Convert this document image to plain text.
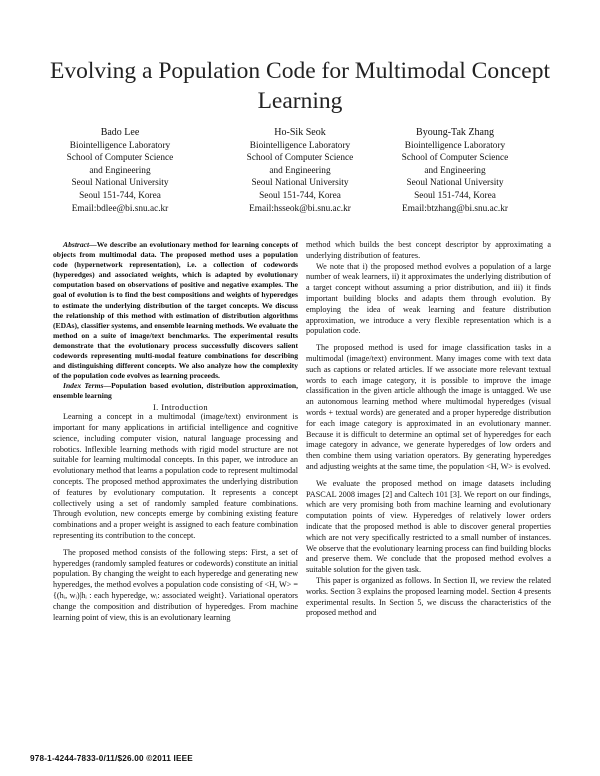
Evolving a Population Code for Multimodal Concept Learning
Bado Lee
Biointelligence Laboratory
School of Computer Science
and Engineering
Seoul National University
Seoul 151-744, Korea
Email:bdlee@bi.snu.ac.kr
Ho-Sik Seok
Biointelligence Laboratory
School of Computer Science
and Engineering
Seoul National University
Seoul 151-744, Korea
Email:hsseok@bi.snu.ac.kr
Byoung-Tak Zhang
Biointelligence Laboratory
School of Computer Science
and Engineering
Seoul National University
Seoul 151-744, Korea
Email:btzhang@bi.snu.ac.kr

Abstract—We describe an evolutionary method for learning concepts of objects from multimodal data. The proposed method uses a population code (hypernetwork representation), i.e. a collection of codewords (hyperedges) and associated weights, which is adapted by evolutionary computation based on observations of positive and negative examples. The goal of evolution is to find the best compositions and weights of hyperedges to estimate the underlying distribution of the target concepts. We discuss the relationship of this method with estimation of distribution algorithms (EDAs), classifier systems, and ensemble learning methods. We evaluate the method on a suite of image/text benchmarks. The experimental results demonstrate that the evolutionary process successfully discovers salient codewords representing multi-modal feature combinations for describing and distinguishing different concepts. We also analyze how the complexity of the population code evolves as learning proceeds.

Index Terms—Population based evolution, distribution approximation, ensemble learning

I. Introduction

Learning a concept in a multimodal (image/text) environment is important for many applications in artificial intelligence and cognitive science, including computer vision, natural language processing and robotics. Inflexible learning methods with rigid model structure are not suitable for learning multimodal concepts. In this paper, we introduce an evolutionary method that learns a population code to represent multimodal concepts. The proposed method approximates the underlying distribution of features by evolutionary computation. It represents a concept collectively using a set of randomly sampled feature combinations. Through evolution, new concepts emerge by combining existing feature combinations and a proper weight is assigned to each feature combination representing its contribution to the concept.

The proposed method consists of the following steps: First, a set of hyperedges (randomly sampled features or codewords) constitute an initial population. By changing the weight to each hyperedge and generating new hyperedges, the method evolves a population code consisting of <H, W> = {(hᵢ, wᵢ)|hᵢ : each hyperedge, wᵢ: associated weight}. Variational operators change the composition and distribution of hyperedges. From machine learning point of view, this is an evolutionary learning

method which builds the best concept descriptor by approximating a underlying distribution of features.

We note that i) the proposed method evolves a population of a large number of weak learners, ii) it approximates the underlying distribution of a target concept without assuming a prior distribution, and iii) it finds important building blocks and adapts them through evolution. By employing the idea of weak learning and feature distribution approximation, we introduce a very flexible representation which is a population code.

The proposed method is used for image classification tasks in a multimodal (image/text) environment. Many images come with text data such as captions or related articles. If we associate more relevant textual words to each image category, it is possible to improve the image classification in the given article although the image is untagged. We use an autonomous learning method where multimodal hyperedges (visual words + textual words) are generated and a proper hyperedge distribution for each image category is approximated in an evolutionary manner. Because it is difficult to determine an optimal set of hyperedges for each image category in advance, we generate hyperedges of low orders and then combine them using variation operators. By generating hyperedges and adjusting weights at the same time, the population <H, W> is evolved.

We evaluate the proposed method on image datasets including PASCAL 2008 images [2] and Caltech 101 [3]. We report on our findings, which are very promising both from machine learning and evolutionary computation points of view. Hyperedges of relatively lower orders indicate that the proposed method is able to discover general properties which are not very specifically restricted to a small number of instances. We observe that the evolutionary learning process can find building blocks and preserve them. We conclude that the proposed method evolves a suitable solution for the given task.

This paper is organized as follows. In Section II, we review the related works. Section 3 explains the proposed learning model. Section 4 presents experimental results. In Section 5, we discuss the characteristics of the proposed method and

978-1-4244-7833-0/11/$26.00 ©2011 IEEE
